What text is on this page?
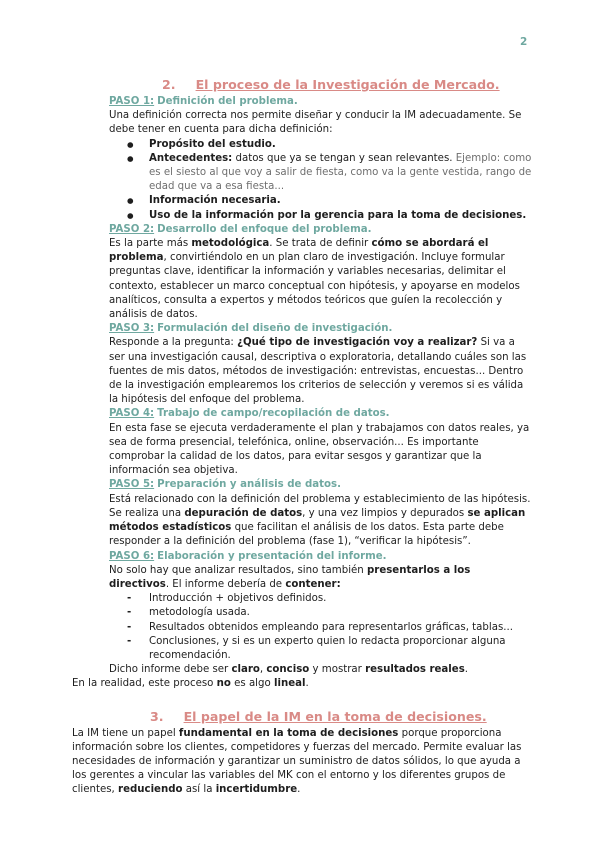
2
2. El proceso de la Investigación de Mercado.
PASO 1: Definición del problema.
Una definición correcta nos permite diseñar y conducir la IM adecuadamente. Se debe tener en cuenta para dicha definición:
● Propósito del estudio.
● Antecedentes: datos que ya se tengan y sean relevantes. Ejemplo: como es el siesto al que voy a salir de fiesta, como va la gente vestida, rango de edad que va a esa fiesta...
● Información necesaria.
● Uso de la información por la gerencia para la toma de decisiones.
PASO 2: Desarrollo del enfoque del problema.
Es la parte más metodológica. Se trata de definir cómo se abordará el problema, convirtiéndolo en un plan claro de investigación. Incluye formular preguntas clave, identificar la información y variables necesarias, delimitar el contexto, establecer un marco conceptual con hipótesis, y apoyarse en modelos analíticos, consulta a expertos y métodos teóricos que guíen la recolección y análisis de datos.
PASO 3: Formulación del diseño de investigación.
Responde a la pregunta: ¿Qué tipo de investigación voy a realizar? Si va a ser una investigación causal, descriptiva o exploratoria, detallando cuáles son las fuentes de mis datos, métodos de investigación: entrevistas, encuestas... Dentro de la investigación emplearemos los criterios de selección y veremos si es válida la hipótesis del enfoque del problema.
PASO 4: Trabajo de campo/recopilación de datos.
En esta fase se ejecuta verdaderamente el plan y trabajamos con datos reales, ya sea de forma presencial, telefónica, online, observación... Es importante comprobar la calidad de los datos, para evitar sesgos y garantizar que la información sea objetiva.
PASO 5: Preparación y análisis de datos.
Está relacionado con la definición del problema y establecimiento de las hipótesis. Se realiza una depuración de datos, y una vez limpios y depurados se aplican métodos estadísticos que facilitan el análisis de los datos. Esta parte debe responder a la definición del problema (fase 1), “verificar la hipótesis”.
PASO 6: Elaboración y presentación del informe.
No solo hay que analizar resultados, sino también presentarlos a los directivos. El informe debería de contener:
- Introducción + objetivos definidos.
- metodología usada.
- Resultados obtenidos empleando para representarlos gráficas, tablas...
- Conclusiones, y si es un experto quien lo redacta proporcionar alguna recomendación.
Dicho informe debe ser claro, conciso y mostrar resultados reales.
En la realidad, este proceso no es algo lineal.
3. El papel de la IM en la toma de decisiones.
La IM tiene un papel fundamental en la toma de decisiones porque proporciona información sobre los clientes, competidores y fuerzas del mercado. Permite evaluar las necesidades de información y garantizar un suministro de datos sólidos, lo que ayuda a los gerentes a vincular las variables del MK con el entorno y los diferentes grupos de clientes, reduciendo así la incertidumbre.
